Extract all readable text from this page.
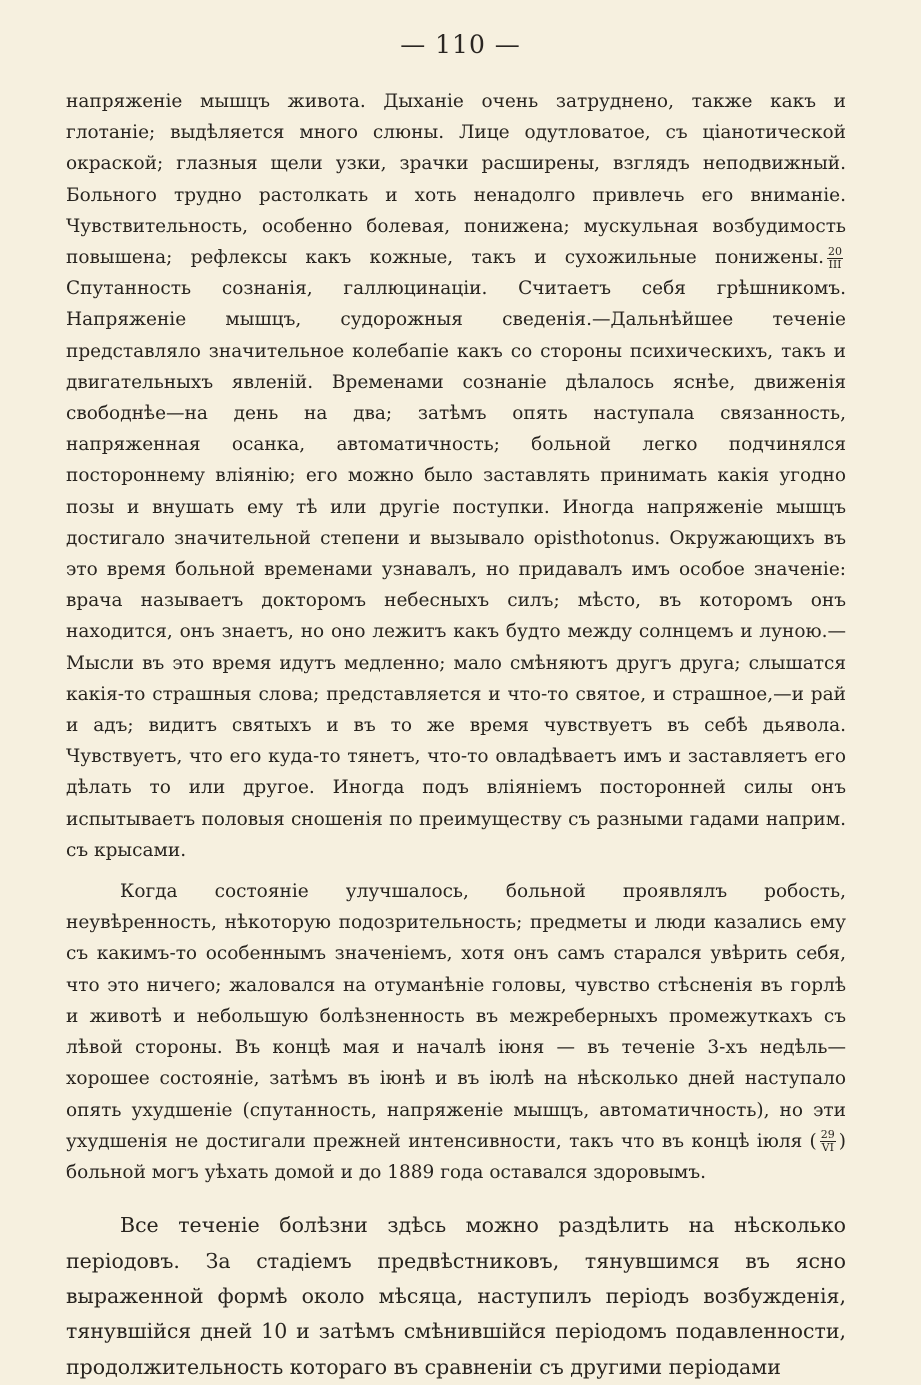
— 110 —

напряженіе мышцъ живота. Дыханіе очень затруднено, также какъ и глотаніе; выдѣляется много слюны. Лице одутловатое, съ ціанотической окраской; глазныя щели узки, зрачки расширены, взглядъ неподвижный. Больного трудно растолкать и хоть ненадолго привлечь его вниманіе. Чувствительность, особенно болевая, понижена; мускульная возбудимость повышена; рефлексы какъ кожные, такъ и сухожильные понижены. $\frac{20}{\text{III}}$
Спутанность сознанія, галлюцинаціи. Считаетъ себя грѣшникомъ. Напряженіе мышцъ, судорожныя сведенія.—Дальнѣйшее теченіе представляло значительное колебапіе какъ со стороны психическихъ, такъ и двигательныхъ явленій. Временами сознаніе дѣлалось яснѣе, движенія свободнѣе—на день на два; затѣмъ опять наступала связанность, напряженная осанка, автоматичность; больной легко подчинялся постороннему вліянію; его можно было заставлять принимать какія угодно позы и внушать ему тѣ или другіе поступки. Иногда напряженіе мышцъ достигало значительной степени и вызывало opisthotonus. Окружающихъ въ это время больной временами узнавалъ, но придавалъ имъ особое значеніе: врача называетъ докторомъ небесныхъ силъ; мѣсто, въ которомъ онъ находится, онъ знаетъ, но оно лежитъ какъ будто между солнцемъ и луною.—Мысли въ это время идутъ медленно; мало смѣняютъ другъ друга; слышатся какія-то страшныя слова; представляется и что-то святое, и страшное,—и рай и адъ; видитъ святыхъ и въ то же время чувствуетъ въ себѣ дьявола. Чувствуетъ, что его куда-то тянетъ, что-то овладѣваетъ имъ и заставляетъ его дѣлать то или другое. Иногда подъ вліяніемъ посторонней силы онъ испытываетъ половыя сношенія по преимуществу съ разными гадами наприм. съ крысами.

Когда состояніе улучшалось, больной проявлялъ робость, неувѣренность, нѣкоторую подозрительность; предметы и люди казались ему съ какимъ-то особеннымъ значеніемъ, хотя онъ самъ старался увѣрить себя, что это ничего; жаловался на отуманѣніе головы, чувство стѣсненія въ горлѣ и животѣ и небольшую болѣзненность въ межреберныхъ промежуткахъ съ лѣвой стороны. Въ концѣ мая и началѣ іюня — въ теченіе 3-хъ недѣль—хорошее состояніе, затѣмъ въ іюнѣ и въ іюлѣ на нѣсколько дней наступало опять ухудшеніе (спутанность, напряженіе мышцъ, автоматичность), но эти ухудшенія не достигали прежней интенсивности, такъ что въ концѣ іюля ( $\frac{29}{VI}$ ) больной могъ уѣхать домой и до 1889 года оставался здоровымъ.

Все теченіе болѣзни здѣсь можно раздѣлить на нѣсколько періодовъ. За стадіемъ предвѣстниковъ, тянувшимся въ ясно выраженной формѣ около мѣсяца, наступилъ періодъ возбужденія, тянувшійся дней 10 и затѣмъ смѣнившійся періодомъ подавленности, продолжительность котораго въ сравненіи съ другими періодами
